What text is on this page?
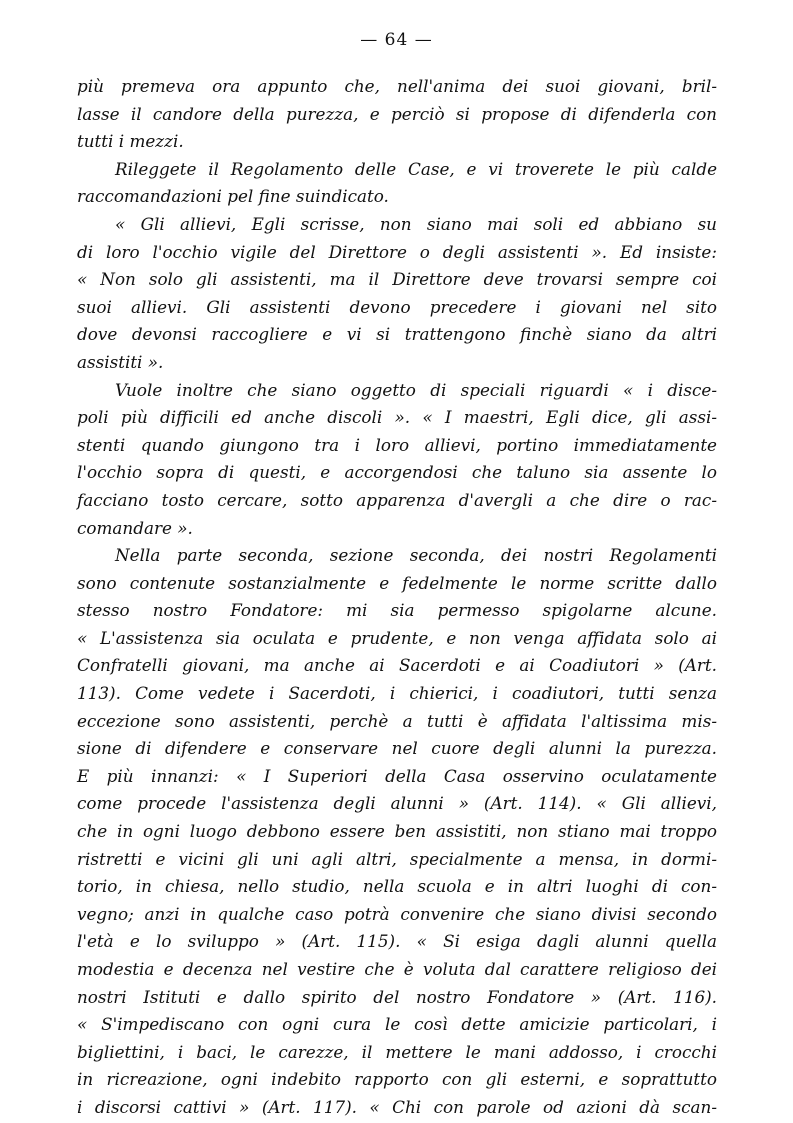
— 64 —
più premeva ora appunto che, nell'anima dei suoi giovani, bril-
lasse il candore della purezza, e perciò si propose di difenderla con
tutti i mezzi.
Rileggete il Regolamento delle Case, e vi troverete le più calde
raccomandazioni pel fine suindicato.
« Gli allievi, Egli scrisse, non siano mai soli ed abbiano su
di loro l'occhio vigile del Direttore o degli assistenti ». Ed insiste:
« Non solo gli assistenti, ma il Direttore deve trovarsi sempre coi
suoi allievi. Gli assistenti devono precedere i giovani nel sito
dove devonsi raccogliere e vi si trattengono finchè siano da altri
assistiti ».
Vuole inoltre che siano oggetto di speciali riguardi « i disce-
poli più difficili ed anche discoli ». « I maestri, Egli dice, gli assi-
stenti quando giungono tra i loro allievi, portino immediatamente
l'occhio sopra di questi, e accorgendosi che taluno sia assente lo
facciano tosto cercare, sotto apparenza d'avergli a che dire o rac-
comandare ».
Nella parte seconda, sezione seconda, dei nostri Regolamenti
sono contenute sostanzialmente e fedelmente le norme scritte dallo
stesso nostro Fondatore: mi sia permesso spigolarne alcune.
« L'assistenza sia oculata e prudente, e non venga affidata solo ai
Confratelli giovani, ma anche ai Sacerdoti e ai Coadiutori » (Art.
113). Come vedete i Sacerdoti, i chierici, i coadiutori, tutti senza
eccezione sono assistenti, perchè a tutti è affidata l'altissima mis-
sione di difendere e conservare nel cuore degli alunni la purezza.
E più innanzi: « I Superiori della Casa osservino oculatamente
come procede l'assistenza degli alunni » (Art. 114). « Gli allievi,
che in ogni luogo debbono essere ben assistiti, non stiano mai troppo
ristretti e vicini gli uni agli altri, specialmente a mensa, in dormi-
torio, in chiesa, nello studio, nella scuola e in altri luoghi di con-
vegno; anzi in qualche caso potrà convenire che siano divisi secondo
l'età e lo sviluppo » (Art. 115). « Si esiga dagli alunni quella
modestia e decenza nel vestire che è voluta dal carattere religioso dei
nostri Istituti e dallo spirito del nostro Fondatore » (Art. 116).
« S'impediscano con ogni cura le così dette amicizie particolari, i
bigliettini, i baci, le carezze, il mettere le mani addosso, i crocchi
in ricreazione, ogni indebito rapporto con gli esterni, e soprattutto
i discorsi cattivi » (Art. 117). « Chi con parole od azioni dà scan-
